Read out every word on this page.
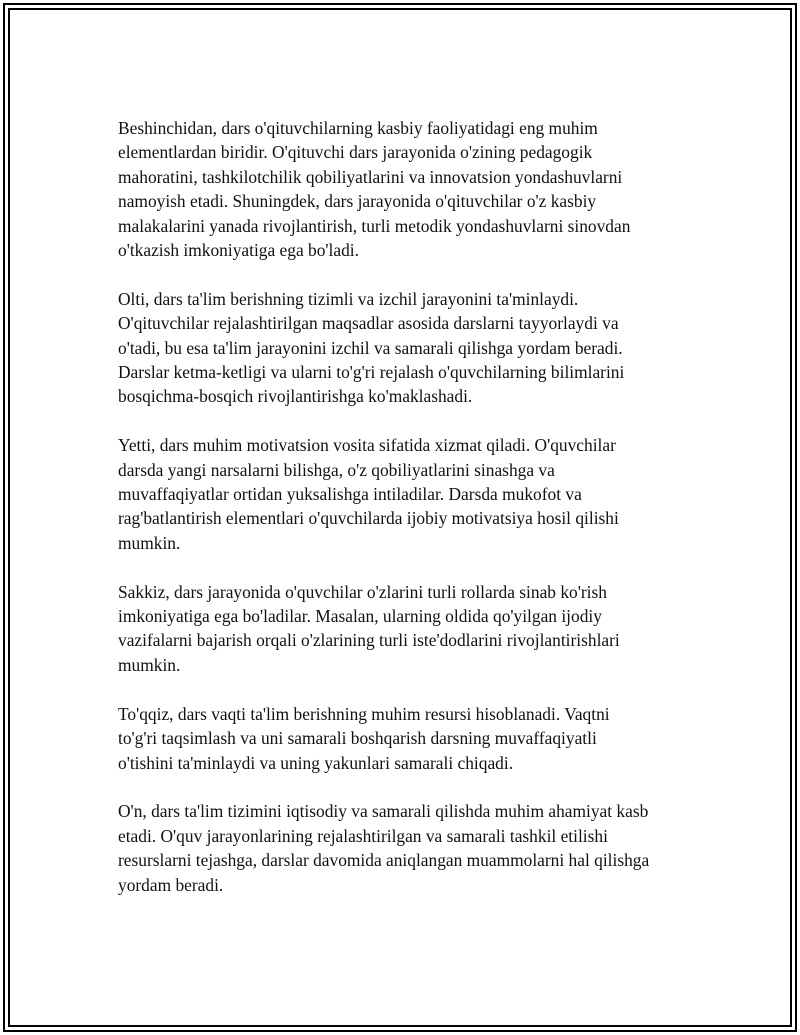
Beshinchidan, dars o'qituvchilarning kasbiy faoliyatidagi eng muhim
elementlardan biridir. O'qituvchi dars jarayonida o'zining pedagogik
mahoratini, tashkilotchilik qobiliyatlarini va innovatsion yondashuvlarni
namoyish etadi. Shuningdek, dars jarayonida o'qituvchilar o'z kasbiy
malakalarini yanada rivojlantirish, turli metodik yondashuvlarni sinovdan
o'tkazish imkoniyatiga ega bo'ladi.

Olti, dars ta'lim berishning tizimli va izchil jarayonini ta'minlaydi.
O'qituvchilar rejalashtirilgan maqsadlar asosida darslarni tayyorlaydi va
o'tadi, bu esa ta'lim jarayonini izchil va samarali qilishga yordam beradi.
Darslar ketma-ketligi va ularni to'g'ri rejalash o'quvchilarning bilimlarini
bosqichma-bosqich rivojlantirishga ko'maklashadi.

Yetti, dars muhim motivatsion vosita sifatida xizmat qiladi. O'quvchilar
darsda yangi narsalarni bilishga, o'z qobiliyatlarini sinashga va
muvaffaqiyatlar ortidan yuksalishga intiladilar. Darsda mukofot va
rag'batlantirish elementlari o'quvchilarda ijobiy motivatsiya hosil qilishi
mumkin.

Sakkiz, dars jarayonida o'quvchilar o'zlarini turli rollarda sinab ko'rish
imkoniyatiga ega bo'ladilar. Masalan, ularning oldida qo'yilgan ijodiy
vazifalarni bajarish orqali o'zlarining turli iste'dodlarini rivojlantirishlari
mumkin.

To'qqiz, dars vaqti ta'lim berishning muhim resursi hisoblanadi. Vaqtni
to'g'ri taqsimlash va uni samarali boshqarish darsning muvaffaqiyatli
o'tishini ta'minlaydi va uning yakunlari samarali chiqadi.

O'n, dars ta'lim tizimini iqtisodiy va samarali qilishda muhim ahamiyat kasb
etadi. O'quv jarayonlarining rejalashtirilgan va samarali tashkil etilishi
resurslarni tejashga, darslar davomida aniqlangan muammolarni hal qilishga
yordam beradi.
